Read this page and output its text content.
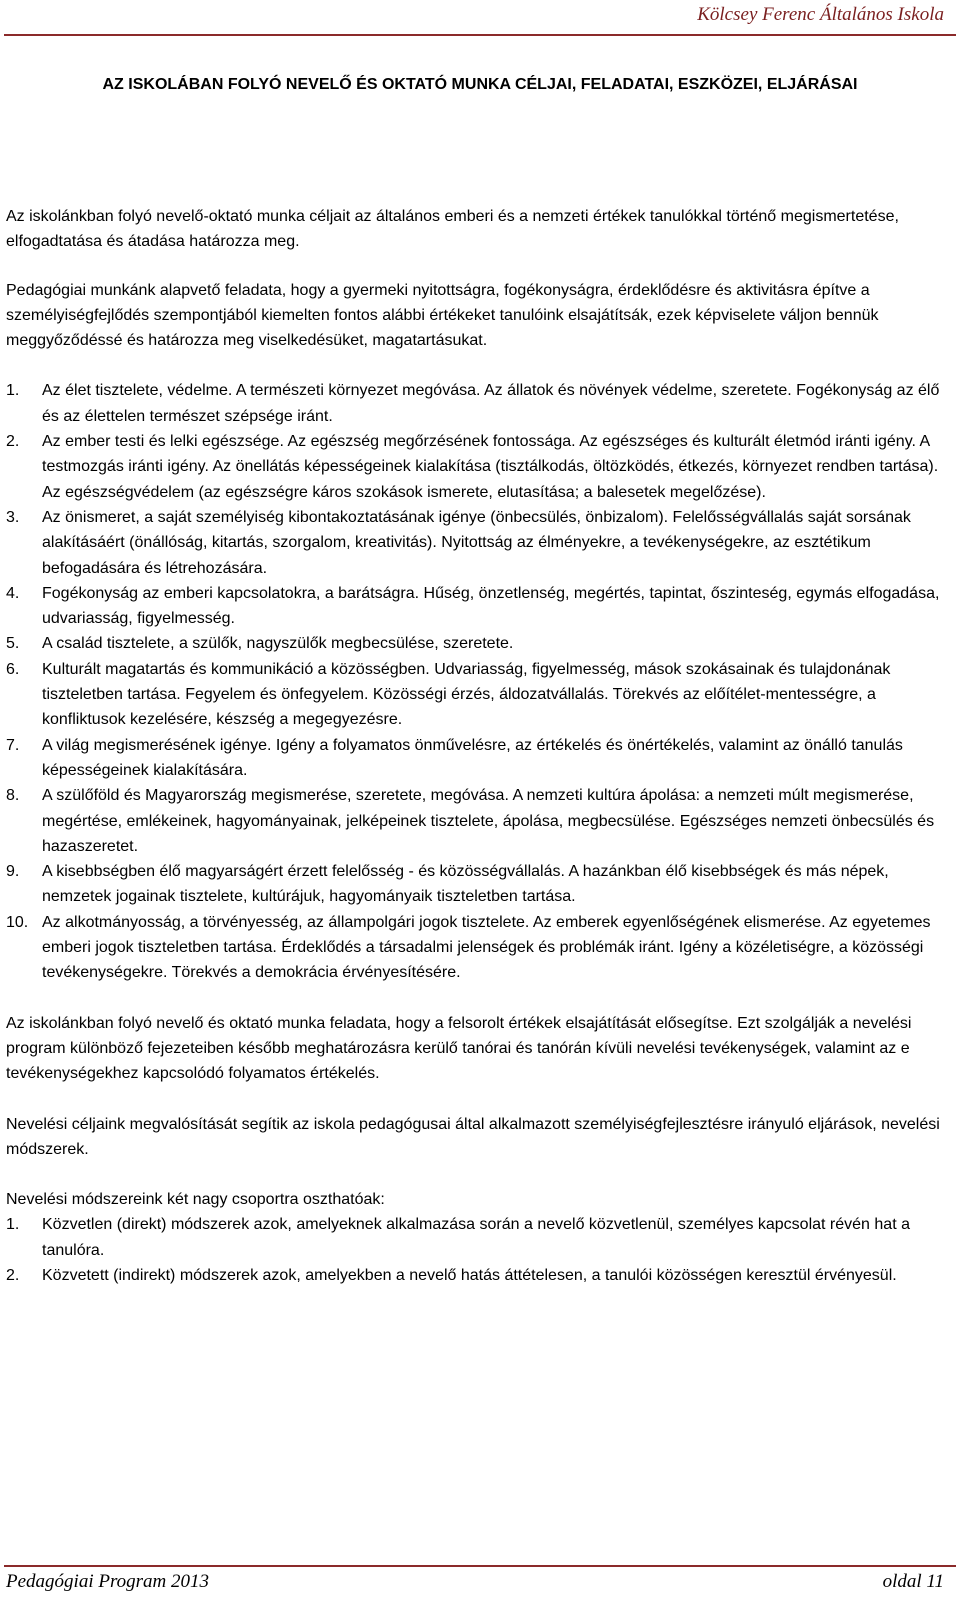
Kölcsey Ferenc Általános Iskola
AZ ISKOLÁBAN FOLYÓ NEVELŐ ÉS OKTATÓ MUNKA CÉLJAI, FELADATAI, ESZKÖZEI, ELJÁRÁSAI

Az iskolánkban folyó nevelő-oktató munka céljait az általános emberi és a nemzeti értékek tanulókkal történő megismertetése, elfogadtatása és átadása határozza meg.

Pedagógiai munkánk alapvető feladata, hogy a gyermeki nyitottságra, fogékonyságra, érdeklődésre és aktivitásra építve a személyiségfejlődés szempontjából kiemelten fontos alábbi értékeket tanulóink elsajátítsák, ezek képviselete váljon bennük meggyőződéssé és határozza meg viselkedésüket, magatartásukat.

1. Az élet tisztelete, védelme. A természeti környezet megóvása. Az állatok és növények védelme, szeretete. Fogékonyság az élő és az élettelen természet szépsége iránt.
2. Az ember testi és lelki egészsége. Az egészség megőrzésének fontossága. Az egészséges és kulturált életmód iránti igény. A testmozgás iránti igény. Az önellátás képességeinek kialakítása (tisztálkodás, öltözködés, étkezés, környezet rendben tartása). Az egészségvédelem (az egészségre káros szokások ismerete, elutasítása; a balesetek megelőzése).
3. Az önismeret, a saját személyiség kibontakoztatásának igénye (önbecsülés, önbizalom). Felelősségvállalás saját sorsának alakításáért (önállóság, kitartás, szorgalom, kreativitás). Nyitottság az élményekre, a tevékenységekre, az esztétikum befogadására és létrehozására.
4. Fogékonyság az emberi kapcsolatokra, a barátságra. Hűség, önzetlenség, megértés, tapintat, őszinteség, egymás elfogadása, udvariasság, figyelmesség.
5. A család tisztelete, a szülők, nagyszülők megbecsülése, szeretete.
6. Kulturált magatartás és kommunikáció a közösségben. Udvariasság, figyelmesség, mások szokásainak és tulajdonának tiszteletben tartása. Fegyelem és önfegyelem. Közösségi érzés, áldozatvállalás. Törekvés az előítélet-mentességre, a konfliktusok kezelésére, készség a megegyezésre.
7. A világ megismerésének igénye. Igény a folyamatos önművelésre, az értékelés és önértékelés, valamint az önálló tanulás képességeinek kialakítására.
8. A szülőföld és Magyarország megismerése, szeretete, megóvása. A nemzeti kultúra ápolása: a nemzeti múlt megismerése, megértése, emlékeinek, hagyományainak, jelképeinek tisztelete, ápolása, megbecsülése. Egészséges nemzeti önbecsülés és hazaszeretet.
9. A kisebbségben élő magyarságért érzett felelősség - és közösségvállalás. A hazánkban élő kisebbségek és más népek, nemzetek jogainak tisztelete, kultúrájuk, hagyományaik tiszteletben tartása.
10. Az alkotmányosság, a törvényesség, az állampolgári jogok tisztelete. Az emberek egyenlőségének elismerése. Az egyetemes emberi jogok tiszteletben tartása. Érdeklődés a társadalmi jelenségek és problémák iránt. Igény a közéletiségre, a közösségi tevékenységekre. Törekvés a demokrácia érvényesítésére.

Az iskolánkban folyó nevelő és oktató munka feladata, hogy a felsorolt értékek elsajátítását elősegítse. Ezt szolgálják a nevelési program különböző fejezeteiben később meghatározásra kerülő tanórai és tanórán kívüli nevelési tevékenységek, valamint az e tevékenységekhez kapcsolódó folyamatos értékelés.

Nevelési céljaink megvalósítását segítik az iskola pedagógusai által alkalmazott személyiségfejlesztésre irányuló eljárások, nevelési módszerek.

Nevelési módszereink két nagy csoportra oszthatóak:

1. Közvetlen (direkt) módszerek azok, amelyeknek alkalmazása során a nevelő közvetlenül, személyes kapcsolat révén hat a tanulóra.
2. Közvetett (indirekt) módszerek azok, amelyekben a nevelő hatás áttételesen, a tanulói közösségen keresztül érvényesül.
Pedagógiai Program 2013	oldal 11
